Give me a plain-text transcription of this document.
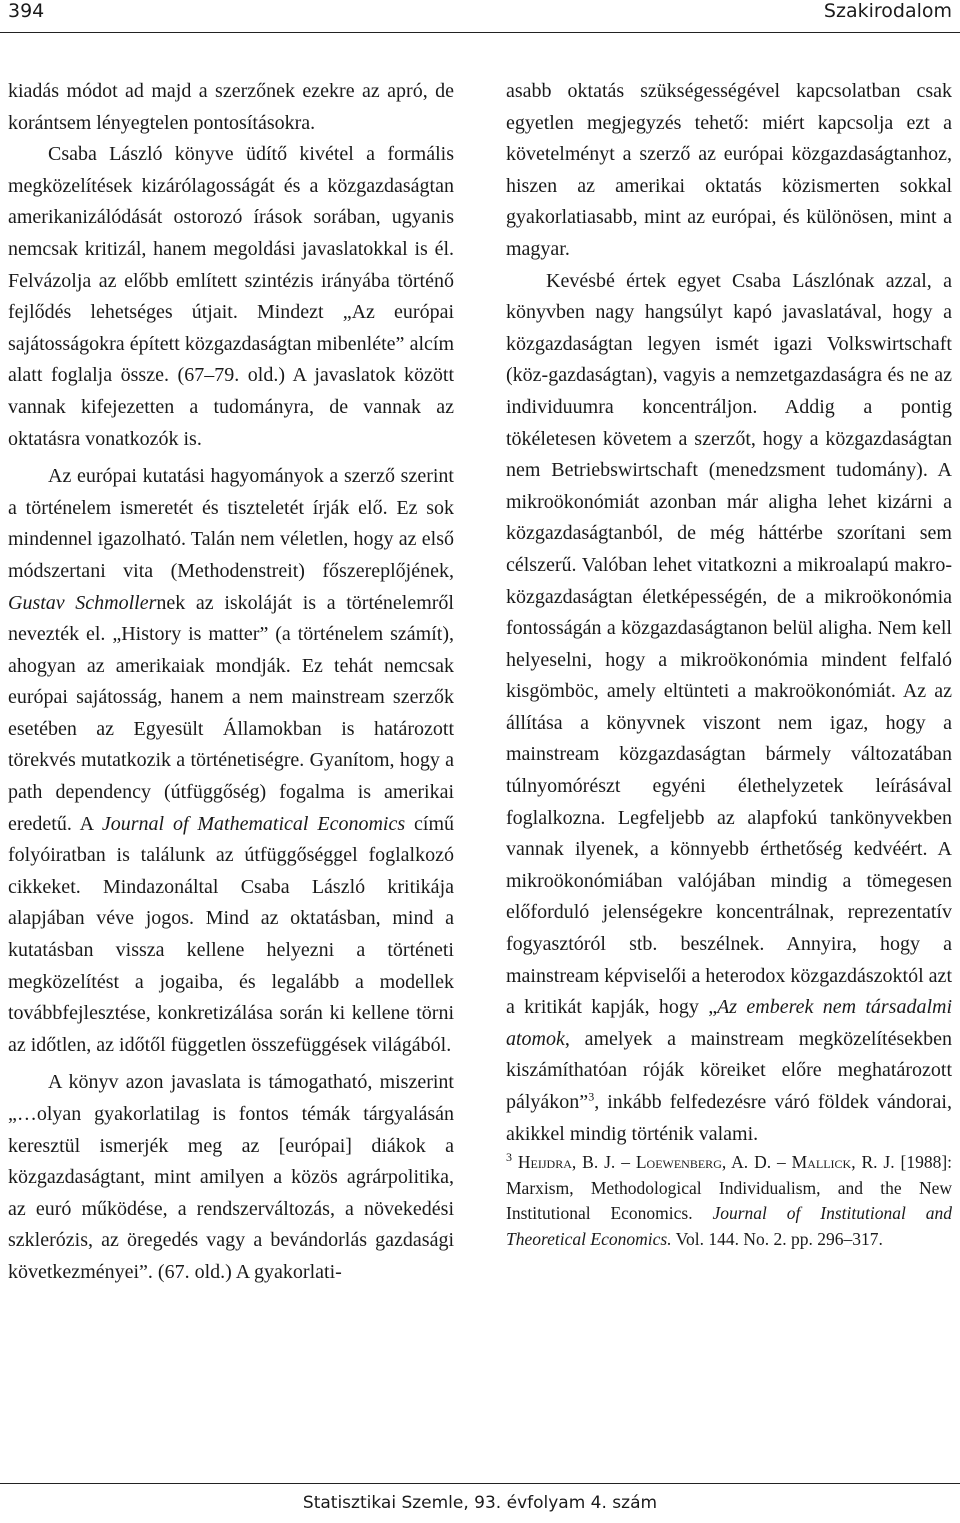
394	Szakirodalom

kiadás módot ad majd a szerzőnek ezekre az apró, de korántsem lényegtelen pontosításokra.

Csaba László könyve üdítő kivétel a formális megközelítések kizárólagosságát és a közgazdaságtan amerikanizálódását ostorozó írások sorában, ugyanis nemcsak kritizál, hanem megoldási javaslatokkal is él. Felvázolja az előbb említett szintézis irányába történő fejlődés lehetséges útjait. Mindezt „Az európai sajátosságokra épített közgazdaságtan mibenléte” alcím alatt foglalja össze. (67–79. old.) A javaslatok között vannak kifejezetten a tudományra, de vannak az oktatásra vonatkozók is.

Az európai kutatási hagyományok a szerző szerint a történelem ismeretét és tiszteletét írják elő. Ez sok mindennel igazolható. Talán nem véletlen, hogy az első módszertani vita (Methodenstreit) főszereplőjének, Gustav Schmollernek az iskoláját is a történelemről nevezték el. „History is matter” (a történelem számít), ahogyan az amerikaiak mondják. Ez tehát nemcsak európai sajátosság, hanem a nem mainstream szerzők esetében az Egyesült Államokban is határozott törekvés mutatkozik a történetiségre. Gyanítom, hogy a path dependency (útfüggőség) fogalma is amerikai eredetű. A Journal of Mathematical Economics című folyóiratban is találunk az útfüggőséggel foglalkozó cikkeket. Mindazonáltal Csaba László kritikája alapjában véve jogos. Mind az oktatásban, mind a kutatásban vissza kellene helyezni a történeti megközelítést a jogaiba, és legalább a modellek továbbfejlesztése, konkretizálása során ki kellene törni az időtlen, az időtől független összefüggések világából.

A könyv azon javaslata is támogatható, miszerint „…olyan gyakorlatilag is fontos témák tárgyalásán keresztül ismerjék meg az [európai] diákok a közgazdaságtant, mint amilyen a közös agrárpolitika, az euró működése, a rendszerváltozás, a növekedési szklerózis, az öregedés vagy a bevándorlás gazdasági következményei”. (67. old.) A gyakorlati-

asabb oktatás szükségességével kapcsolatban csak egyetlen megjegyzés tehető: miért kapcsolja ezt a követelményt a szerző az európai közgazdaságtanhoz, hiszen az amerikai oktatás közismerten sokkal gyakorlatiasabb, mint az európai, és különösen, mint a magyar.

Kevésbé értek egyet Csaba Lászlónak azzal, a könyvben nagy hangsúlyt kapó javaslatával, hogy a közgazdaságtan legyen ismét igazi Volkswirtschaft (köz-gazdaságtan), vagyis a nemzetgazdaságra és ne az individuumra koncentráljon. Addig a pontig tökéletesen követem a szerzőt, hogy a közgazdaságtan nem Betriebswirtschaft (menedzsment tudomány). A mikroökonómiát azonban már aligha lehet kizárni a közgazdaságtanból, de még háttérbe szorítani sem célszerű. Valóban lehet vitatkozni a mikroalapú makro-közgazdaságtan életképességén, de a mikroökonómia fontosságán a közgazdaságtanon belül aligha. Nem kell helyeselni, hogy a mikroökonómia mindent felfaló kisgömböc, amely eltünteti a makroökonómiát. Az az állítása a könyvnek viszont nem igaz, hogy a mainstream közgazdaságtan bármely változatában túlnyomórészt egyéni élethelyzetek leírásával foglalkozna. Legfeljebb az alapfokú tankönyvekben vannak ilyenek, a könnyebb érthetőség kedvéért. A mikroökonómiában valójában mindig a tömegesen előforduló jelenségekre koncentrálnak, reprezentatív fogyasztóról stb. beszélnek. Annyira, hogy a mainstream képviselői a heterodox közgazdászoktól azt a kritikát kapják, hogy „Az emberek nem társadalmi atomok, amelyek a mainstream megközelítésekben kiszámíthatóan róják köreiket előre meghatározott pályákon”$^3$, inkább felfedezésre váró földek vándorai, akikkel mindig történik valami.

$^3$ Heijdra, B. J. – Loewenberg, A. D. – Mallick, R. J. [1988]: Marxism, Methodological Individualism, and the New Institutional Economics. Journal of Institutional and Theoretical Economics. Vol. 144. No. 2. pp. 296–317.

Statisztikai Szemle, 93. évfolyam 4. szám
